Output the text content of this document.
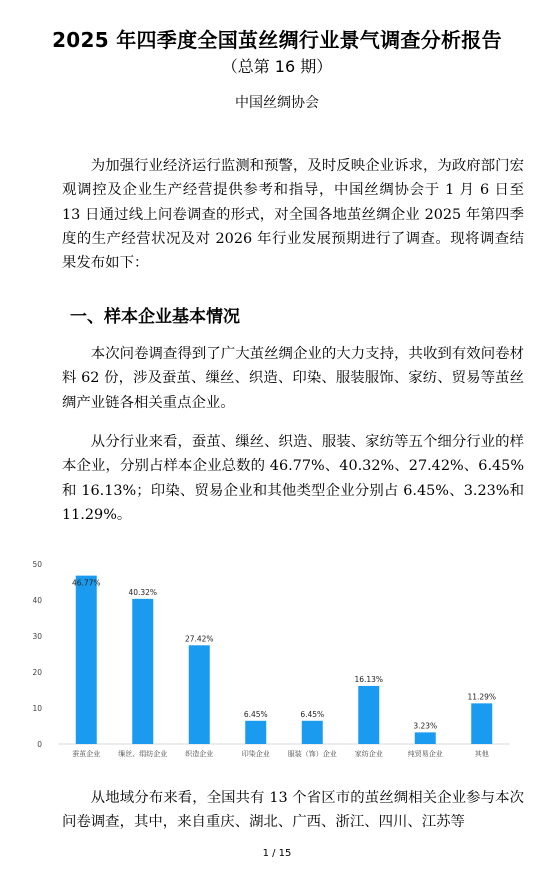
2025 年四季度全国茧丝绸行业景气调查分析报告
（总第 16 期）
中国丝绸协会

为加强行业经济运行监测和预警，及时反映企业诉求，为政府部门宏观调控及企业生产经营提供参考和指导，中国丝绸协会于 1 月 6 日至 13 日通过线上问卷调查的形式，对全国各地茧丝绸企业 2025 年第四季度的生产经营状况及对 2026 年行业发展预期进行了调查。现将调查结果发布如下：

一、样本企业基本情况

本次问卷调查得到了广大茧丝绸企业的大力支持，共收到有效问卷材料 62 份，涉及蚕茧、缫丝、织造、印染、服装服饰、家纺、贸易等茧丝绸产业链各相关重点企业。

从分行业来看，蚕茧、缫丝、织造、服装、家纺等五个细分行业的样本企业，分别占样本企业总数的 46.77%、40.32%、27.42%、6.45%和 16.13%；印染、贸易企业和其他类型企业分别占 6.45%、3.23%和 11.29%。

0
10
20
30
40
50
46.77%
蚕茧企业
40.32%
缫丝、绢纺企业
27.42%
织造企业
6.45%
印染企业
6.45%
服装（饰）企业
16.13%
家纺企业
3.23%
纯贸易企业
11.29%
其他

从地域分布来看，全国共有 13 个省区市的茧丝绸相关企业参与本次问卷调查，其中，来自重庆、湖北、广西、浙江、四川、江苏等

1 / 15
